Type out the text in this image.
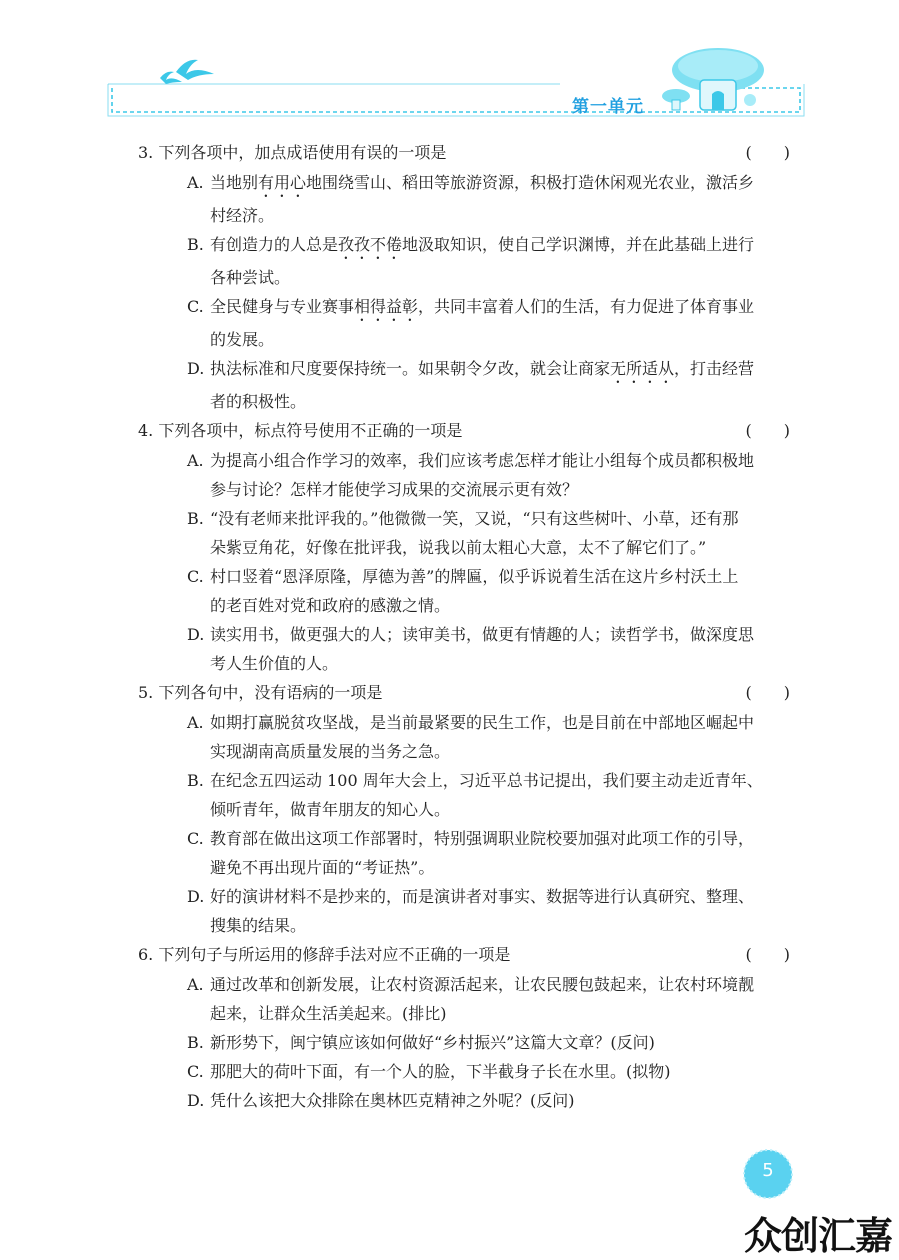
第一单元
3. 下列各项中，加点成语使用有误的一项是	(　　)
A. 当地别有用心地围绕雪山、稻田等旅游资源，积极打造休闲观光农业，激活乡
村经济。
B. 有创造力的人总是孜孜不倦地汲取知识，使自己学识渊博，并在此基础上进行
各种尝试。
C. 全民健身与专业赛事相得益彰，共同丰富着人们的生活，有力促进了体育事业
的发展。
D. 执法标准和尺度要保持统一。如果朝令夕改，就会让商家无所适从，打击经营
者的积极性。
4. 下列各项中，标点符号使用不正确的一项是	(　　)
A. 为提高小组合作学习的效率，我们应该考虑怎样才能让小组每个成员都积极地
参与讨论？怎样才能使学习成果的交流展示更有效？
B. “没有老师来批评我的。”他微微一笑，又说，“只有这些树叶、小草，还有那
朵紫豆角花，好像在批评我，说我以前太粗心大意，太不了解它们了。”
C. 村口竖着“恩泽原隆，厚德为善”的牌匾，似乎诉说着生活在这片乡村沃土上
的老百姓对党和政府的感激之情。
D. 读实用书，做更强大的人；读审美书，做更有情趣的人；读哲学书，做深度思
考人生价值的人。
5. 下列各句中，没有语病的一项是	(　　)
A. 如期打赢脱贫攻坚战，是当前最紧要的民生工作，也是目前在中部地区崛起中
实现湖南高质量发展的当务之急。
B. 在纪念五四运动 100 周年大会上，习近平总书记提出，我们要主动走近青年、
倾听青年，做青年朋友的知心人。
C. 教育部在做出这项工作部署时，特别强调职业院校要加强对此项工作的引导，
避免不再出现片面的“考证热”。
D. 好的演讲材料不是抄来的，而是演讲者对事实、数据等进行认真研究、整理、
搜集的结果。
6. 下列句子与所运用的修辞手法对应不正确的一项是	(　　)
A. 通过改革和创新发展，让农村资源活起来，让农民腰包鼓起来，让农村环境靓
起来，让群众生活美起来。(排比)
B. 新形势下，闽宁镇应该如何做好“乡村振兴”这篇大文章？(反问)
C. 那肥大的荷叶下面，有一个人的脸，下半截身子长在水里。(拟物)
D. 凭什么该把大众排除在奥林匹克精神之外呢？(反问)
5
众创汇嘉
